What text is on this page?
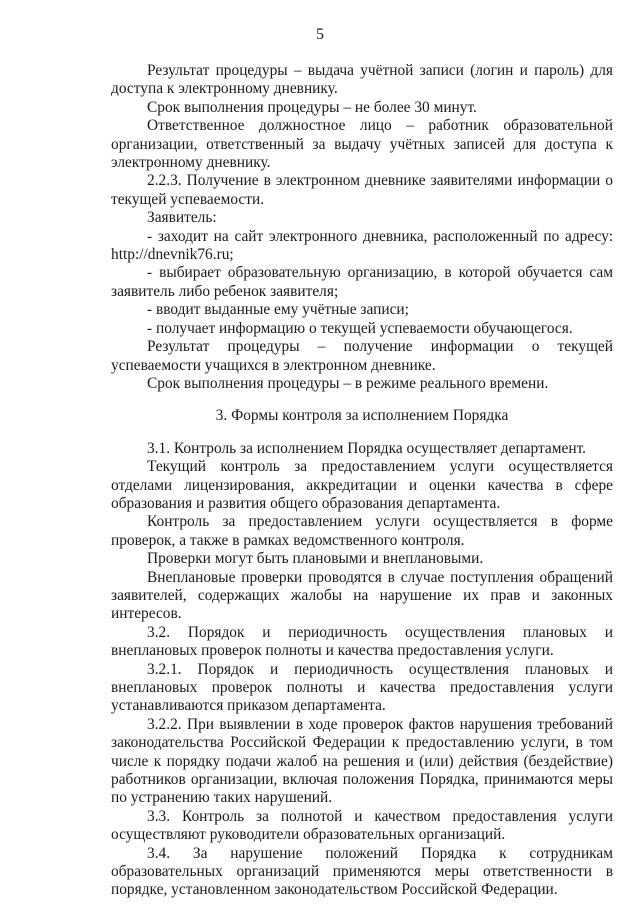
5

Результат процедуры – выдача учётной записи (логин и пароль) для доступа к электронному дневнику.

Срок выполнения процедуры – не более 30 минут.

Ответственное должностное лицо – работник образовательной организации, ответственный за выдачу учётных записей для доступа к электронному дневнику.

2.2.3. Получение в электронном дневнике заявителями информации о текущей успеваемости.

Заявитель:

- заходит на сайт электронного дневника, расположенный по адресу: http://dnevnik76.ru;

- выбирает образовательную организацию, в которой обучается сам заявитель либо ребенок заявителя;

- вводит выданные ему учётные записи;

- получает информацию о текущей успеваемости обучающегося.

Результат процедуры – получение информации о текущей успеваемости учащихся в электронном дневнике.

Срок выполнения процедуры – в режиме реального времени.

3. Формы контроля за исполнением Порядка

3.1. Контроль за исполнением Порядка осуществляет департамент.

Текущий контроль за предоставлением услуги осуществляется отделами лицензирования, аккредитации и оценки качества в сфере образования и развития общего образования департамента.

Контроль за предоставлением услуги осуществляется в форме проверок, а также в рамках ведомственного контроля.

Проверки могут быть плановыми и внеплановыми.

Внеплановые проверки проводятся в случае поступления обращений заявителей, содержащих жалобы на нарушение их прав и законных интересов.

3.2. Порядок и периодичность осуществления плановых и внеплановых проверок полноты и качества предоставления услуги.

3.2.1. Порядок и периодичность осуществления плановых и внеплановых проверок полноты и качества предоставления услуги устанавливаются приказом департамента.

3.2.2. При выявлении в ходе проверок фактов нарушения требований законодательства Российской Федерации к предоставлению услуги, в том числе к порядку подачи жалоб на решения и (или) действия (бездействие) работников организации, включая положения Порядка, принимаются меры по устранению таких нарушений.

3.3. Контроль за полнотой и качеством предоставления услуги осуществляют руководители образовательных организаций.

3.4. За нарушение положений Порядка к сотрудникам образовательных организаций применяются меры ответственности в порядке, установленном законодательством Российской Федерации.
